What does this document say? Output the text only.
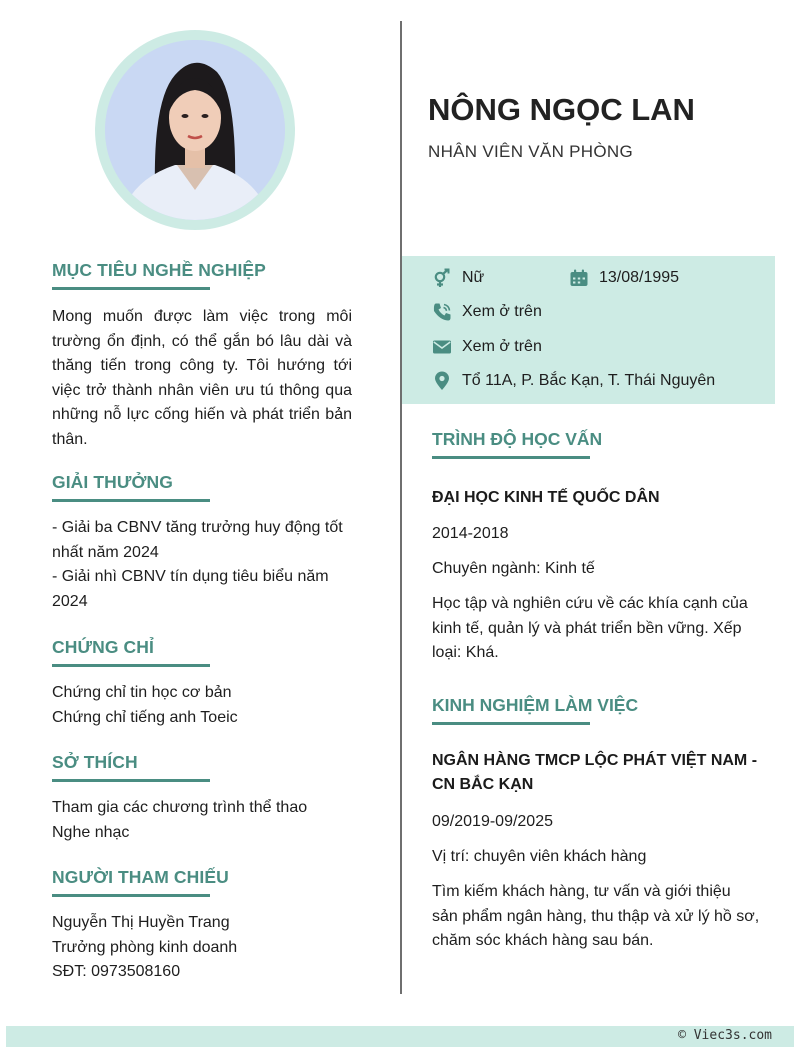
MỤC TIÊU NGHỀ NGHIỆP
Mong muốn được làm việc trong môi trường ổn định, có thể gắn bó lâu dài và thăng tiến trong công ty. Tôi hướng tới việc trở thành nhân viên ưu tú thông qua những nỗ lực cống hiến và phát triển bản thân.
GIẢI THƯỞNG
- Giải ba CBNV tăng trưởng huy động tốt nhất năm 2024
- Giải nhì CBNV tín dụng tiêu biểu năm 2024
CHỨNG CHỈ
Chứng chỉ tin học cơ bản
Chứng chỉ tiếng anh Toeic
SỞ THÍCH
Tham gia các chương trình thể thao
Nghe nhạc
NGƯỜI THAM CHIẾU
Nguyễn Thị Huyền Trang
Trưởng phòng kinh doanh
SĐT: 0973508160
NÔNG NGỌC LAN
NHÂN VIÊN VĂN PHÒNG
Nữ	13/08/1995
Xem ở trên
Xem ở trên
Tổ 11A, P. Bắc Kạn, T. Thái Nguyên
TRÌNH ĐỘ HỌC VẤN
ĐẠI HỌC KINH TẾ QUỐC DÂN
2014-2018
Chuyên ngành: Kinh tế
Học tập và nghiên cứu về các khía cạnh của kinh tế, quản lý và phát triển bền vững. Xếp loại: Khá.
KINH NGHIỆM LÀM VIỆC
NGÂN HÀNG TMCP LỘC PHÁT VIỆT NAM - CN BẮC KẠN
09/2019-09/2025
Vị trí: chuyên viên khách hàng
Tìm kiếm khách hàng, tư vấn và giới thiệu sản phẩm ngân hàng, thu thập và xử lý hồ sơ, chăm sóc khách hàng sau bán.
© Viec3s.com
